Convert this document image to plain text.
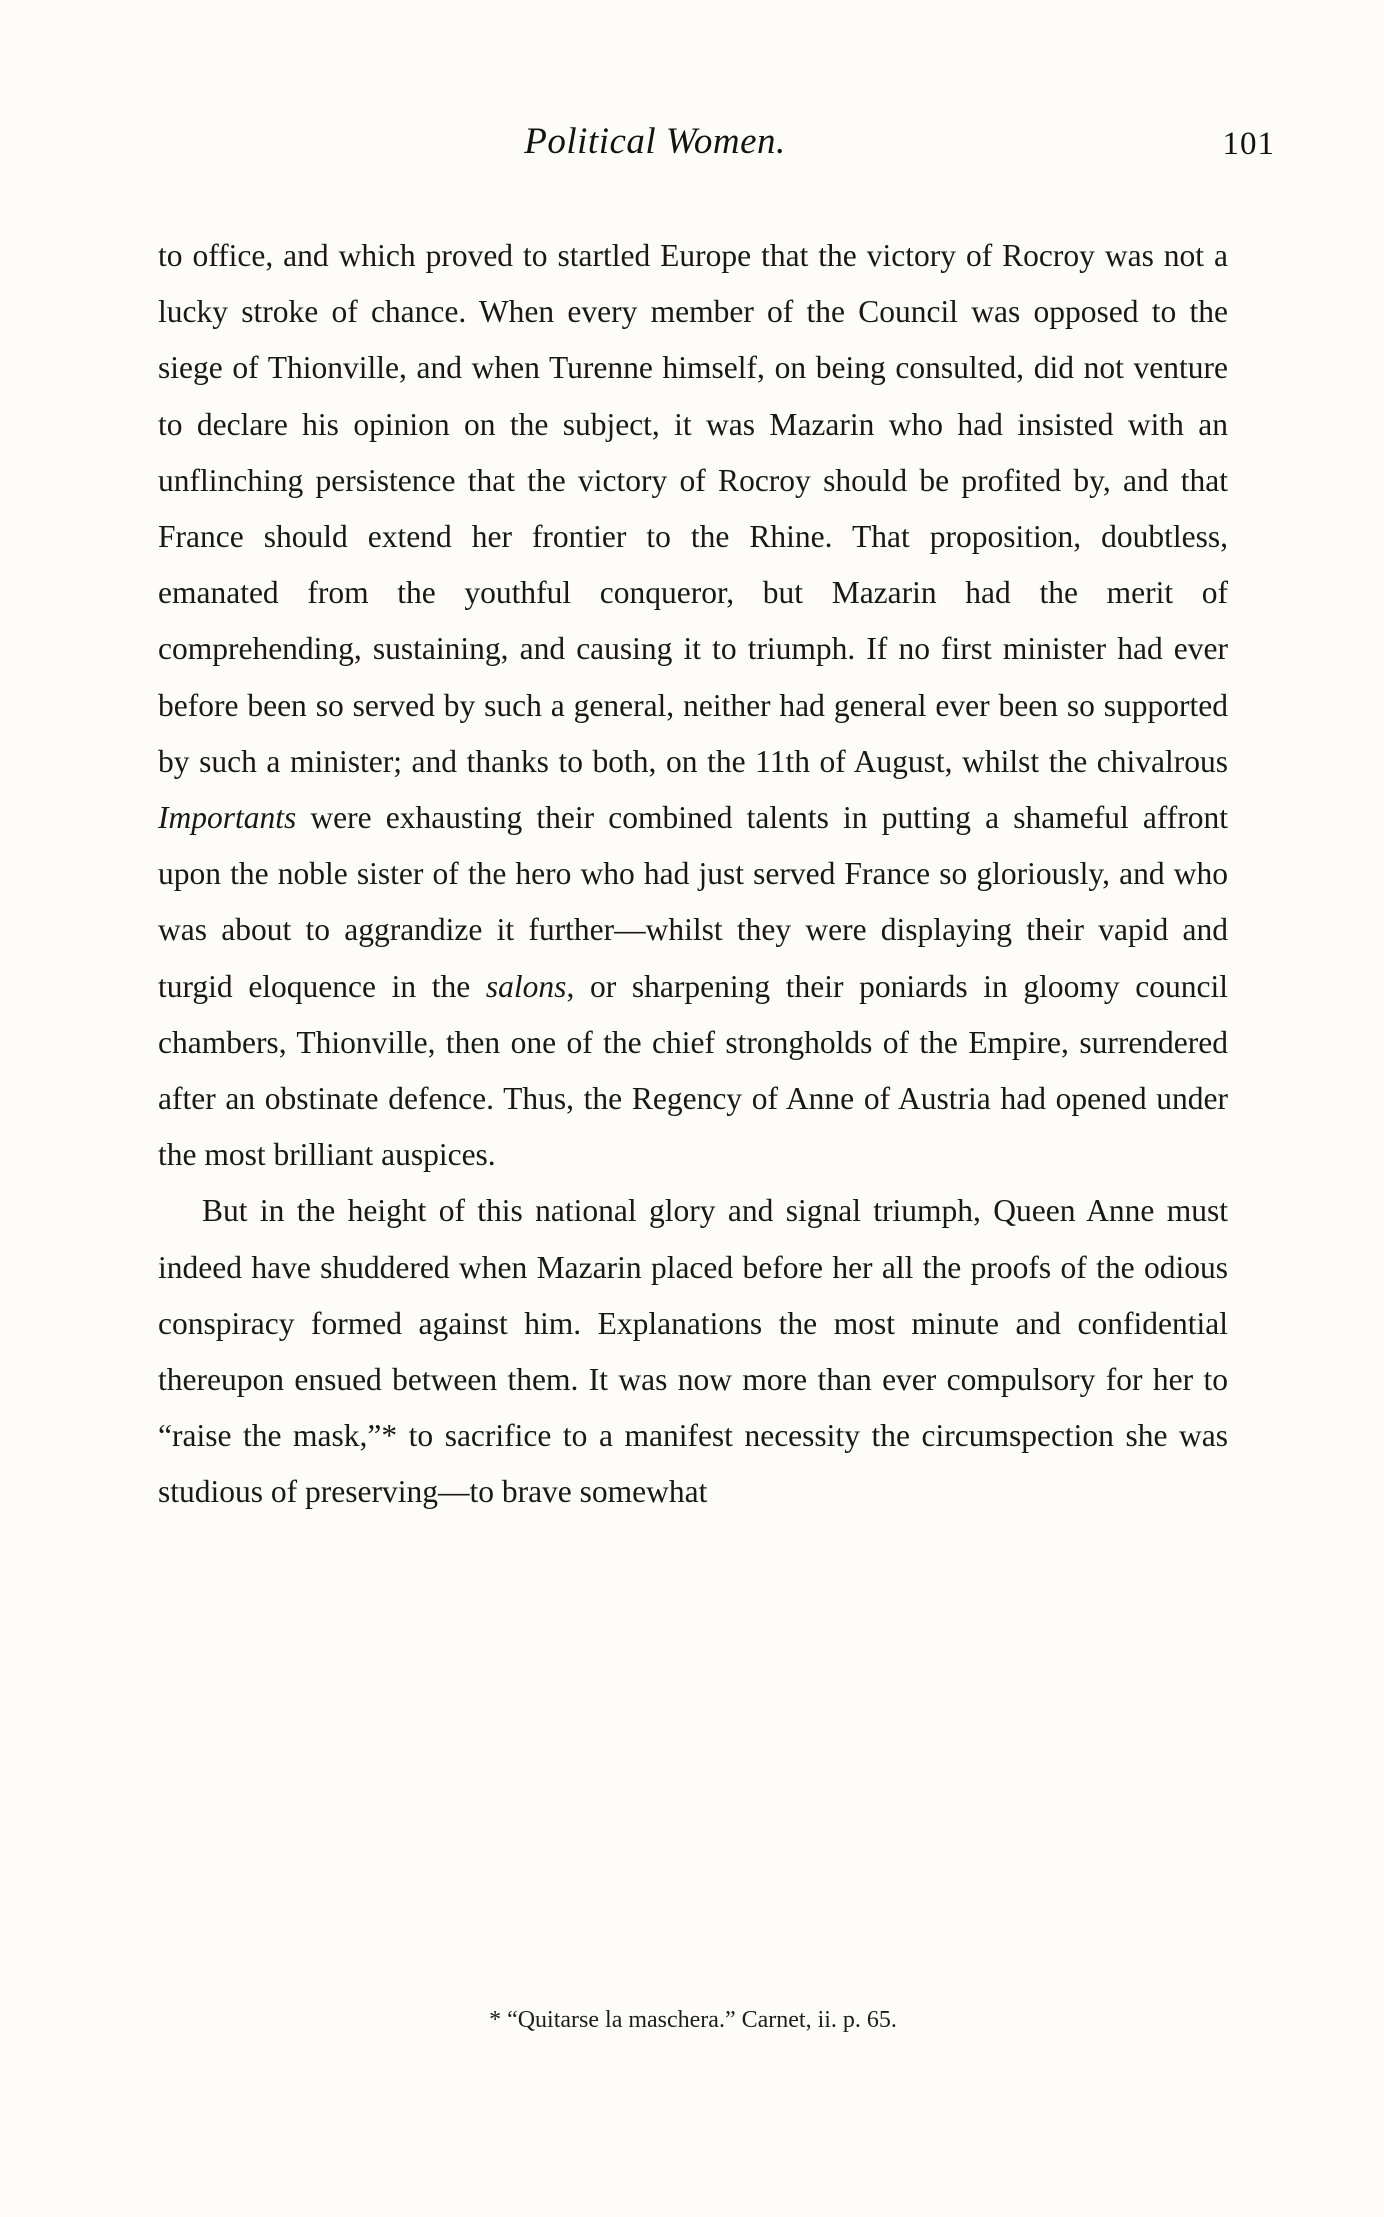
Political Women.	101

to office, and which proved to startled Europe that the victory of Rocroy was not a lucky stroke of chance. When every member of the Council was opposed to the siege of Thionville, and when Turenne himself, on being consulted, did not venture to declare his opinion on the subject, it was Mazarin who had insisted with an unflinching persistence that the victory of Rocroy should be profited by, and that France should extend her frontier to the Rhine. That proposition, doubtless, emanated from the youthful conqueror, but Mazarin had the merit of comprehending, sustaining, and causing it to triumph. If no first minister had ever before been so served by such a general, neither had general ever been so supported by such a minister; and thanks to both, on the 11th of August, whilst the chivalrous Importants were exhausting their combined talents in putting a shameful affront upon the noble sister of the hero who had just served France so gloriously, and who was about to aggrandize it further—whilst they were displaying their vapid and turgid eloquence in the salons, or sharpening their poniards in gloomy council chambers, Thionville, then one of the chief strongholds of the Empire, surrendered after an obstinate defence. Thus, the Regency of Anne of Austria had opened under the most brilliant auspices.

But in the height of this national glory and signal triumph, Queen Anne must indeed have shuddered when Mazarin placed before her all the proofs of the odious conspiracy formed against him. Explanations the most minute and confidential thereupon ensued between them. It was now more than ever compulsory for her to “raise the mask,”* to sacrifice to a manifest necessity the circumspection she was studious of preserving—to brave somewhat

* “Quitarse la maschera.” Carnet, ii. p. 65.
